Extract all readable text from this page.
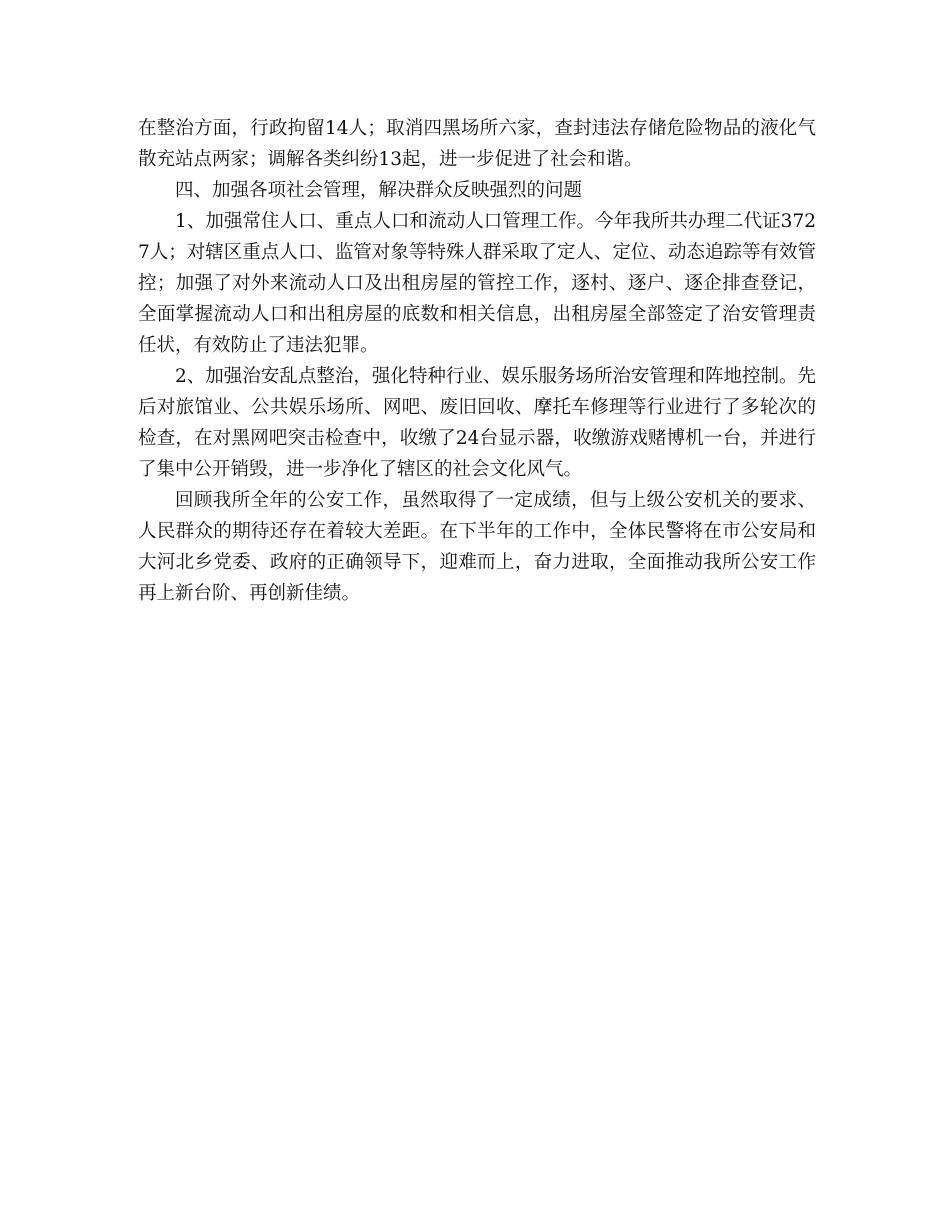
在整治方面，行政拘留14人；取消四黑场所六家，查封违法存储危险物品的液化气散充站点两家；调解各类纠纷13起，进一步促进了社会和谐。

四、加强各项社会管理，解决群众反映强烈的问题

1、加强常住人口、重点人口和流动人口管理工作。今年我所共办理二代证3727人；对辖区重点人口、监管对象等特殊人群采取了定人、定位、动态追踪等有效管控；加强了对外来流动人口及出租房屋的管控工作，逐村、逐户、逐企排查登记，全面掌握流动人口和出租房屋的底数和相关信息，出租房屋全部签定了治安管理责任状，有效防止了违法犯罪。

2、加强治安乱点整治，强化特种行业、娱乐服务场所治安管理和阵地控制。先后对旅馆业、公共娱乐场所、网吧、废旧回收、摩托车修理等行业进行了多轮次的检查，在对黑网吧突击检查中，收缴了24台显示器，收缴游戏赌博机一台，并进行了集中公开销毁，进一步净化了辖区的社会文化风气。

回顾我所全年的公安工作，虽然取得了一定成绩，但与上级公安机关的要求、人民群众的期待还存在着较大差距。在下半年的工作中，全体民警将在市公安局和大河北乡党委、政府的正确领导下，迎难而上，奋力进取，全面推动我所公安工作再上新台阶、再创新佳绩。
